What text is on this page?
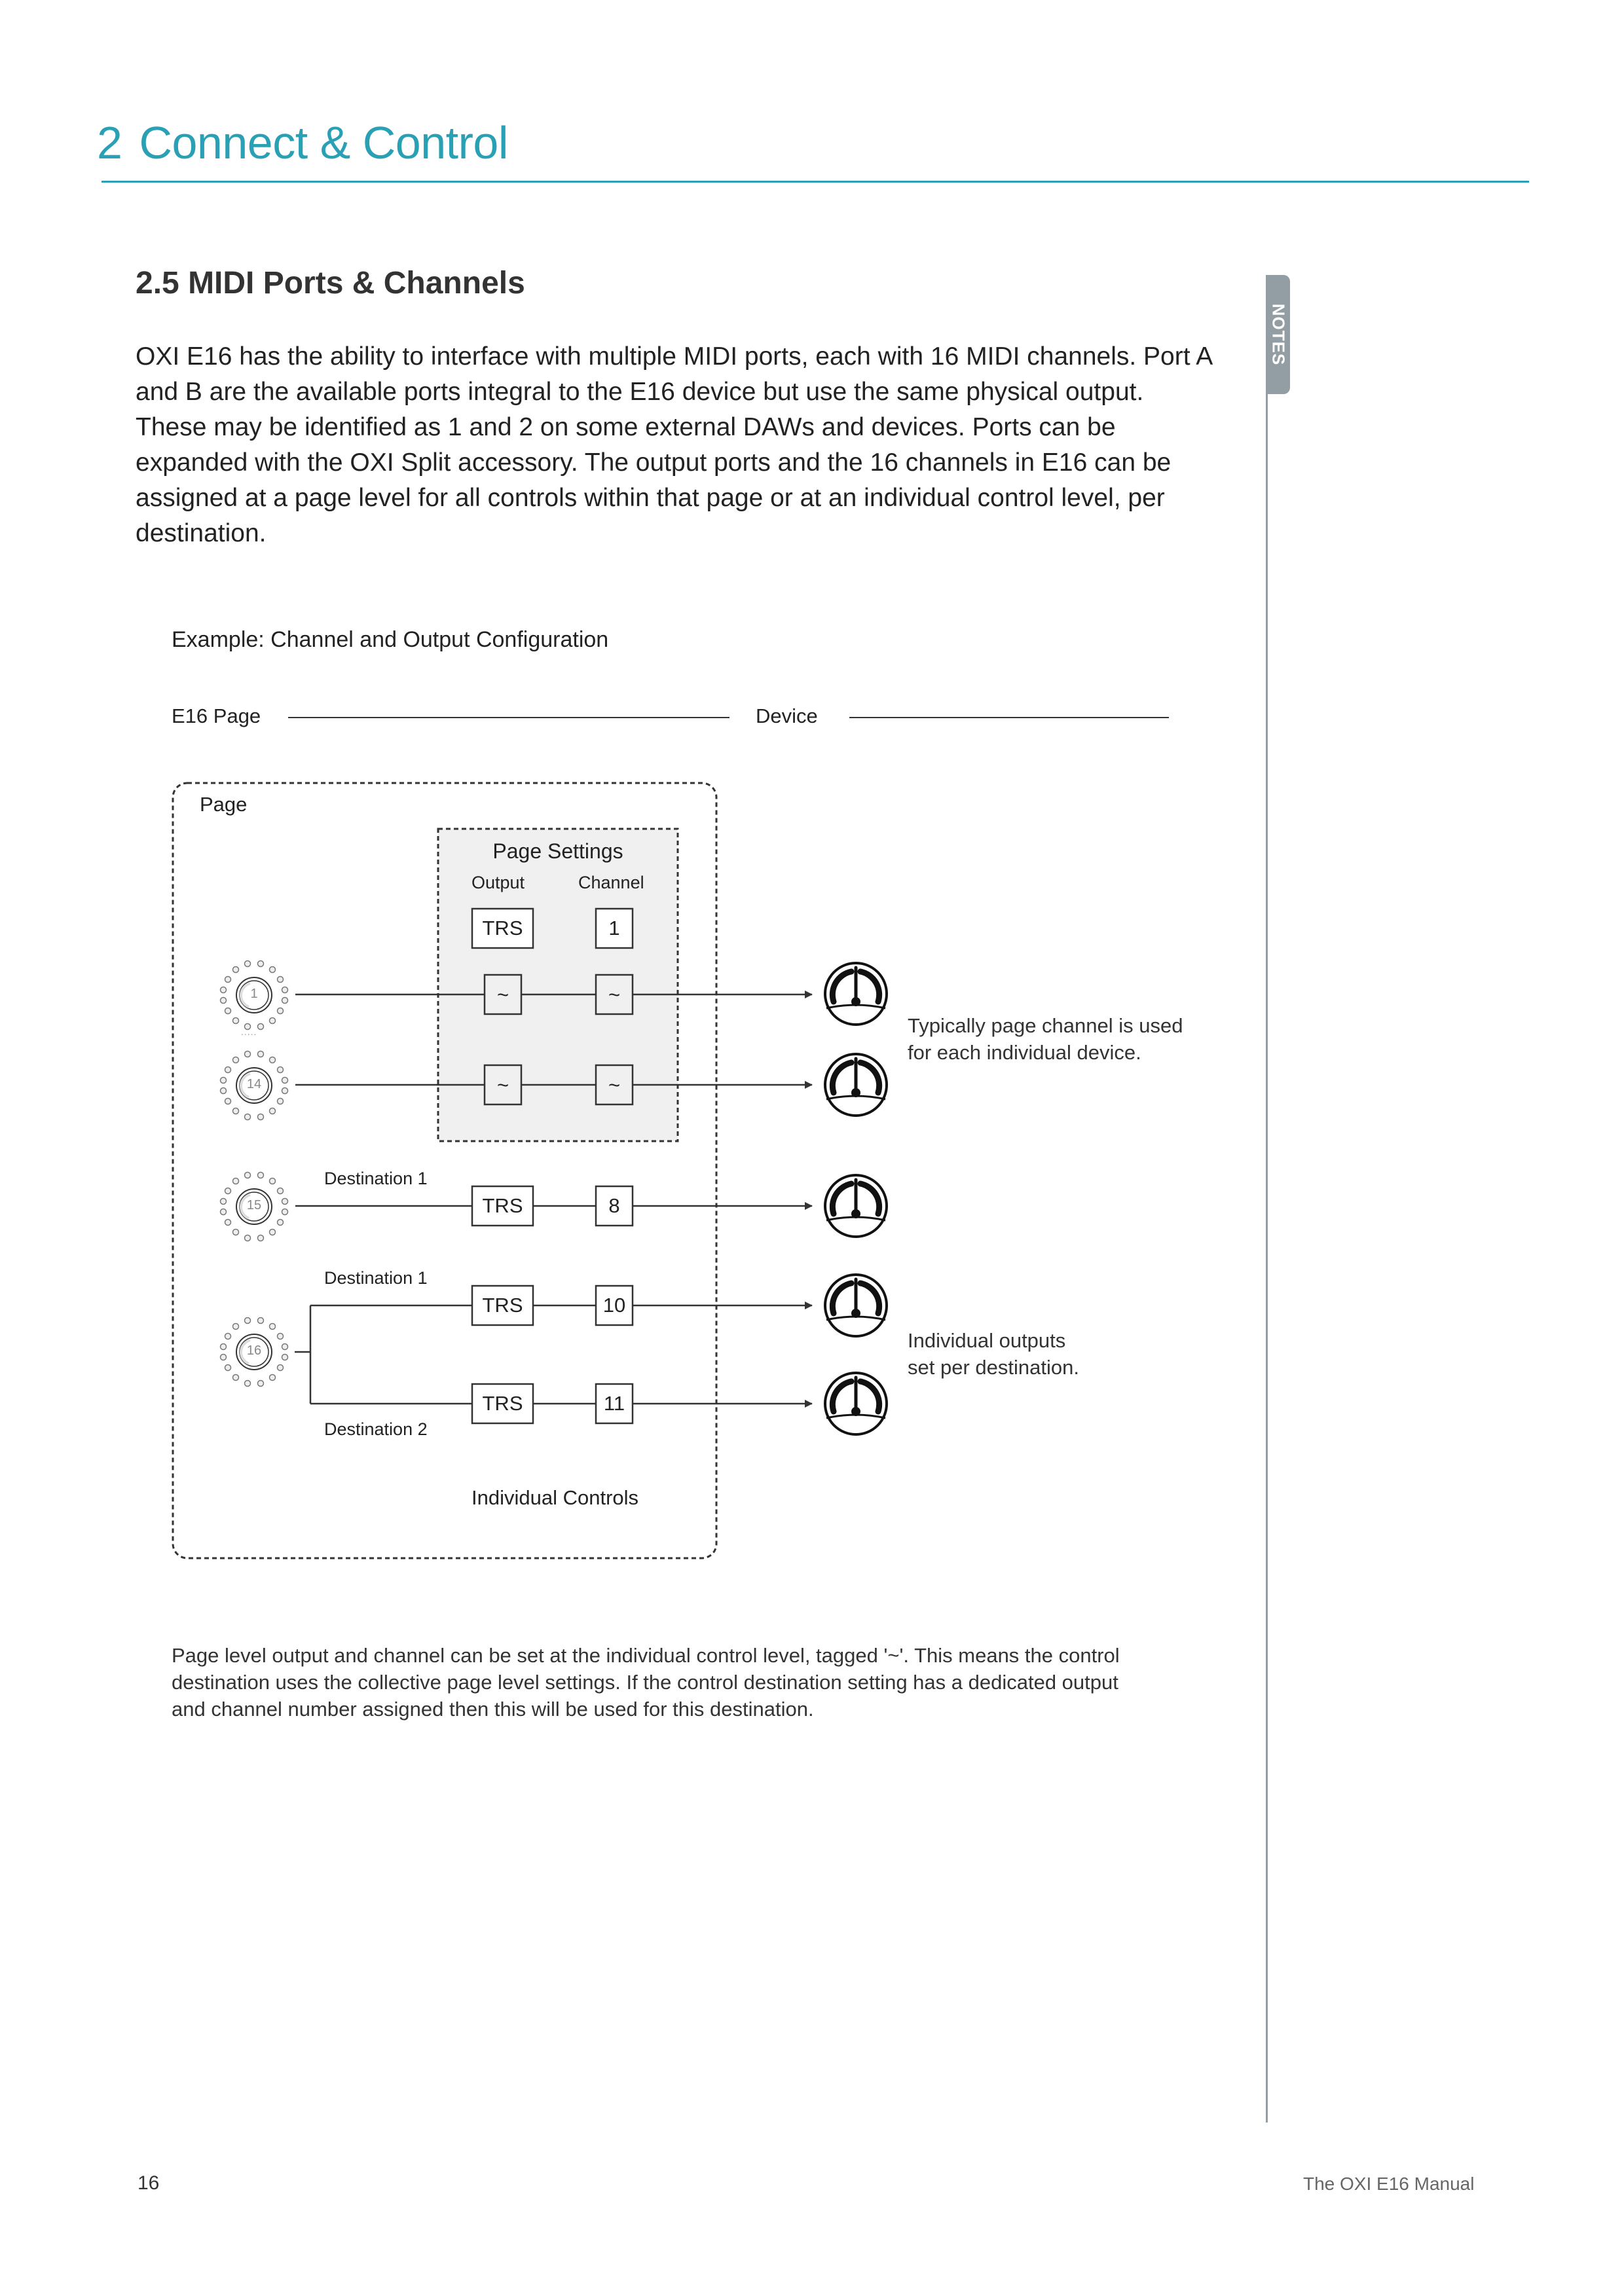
2 Connect & Control
NOTES
2.5 MIDI Ports & Channels
OXI E16 has the ability to interface with multiple MIDI ports, each with 16 MIDI channels. Port A and B are the available ports integral to the E16 device but use the same physical output. These may be identified as 1 and 2 on some external DAWs and devices. Ports can be expanded with the OXI Split accessory. The output ports and the 16 channels in E16 can be assigned at a page level for all controls within that page or at an individual control level, per destination.
Example: Channel and Output Configuration
E16 Page	Device
Page
Page Settings
Output	Channel
TRS	1
1
14
15
16
.....
~	~
~	~
Destination 1
TRS	8
Destination 1
TRS	10
Destination 2
TRS	11
Individual Controls
Typically page channel is used
for each individual device.
Individual outputs
set per destination.
Page level output and channel can be set at the individual control level, tagged '~'. This means the control destination uses the collective page level settings. If the control destination setting has a dedicated output and channel number assigned then this will be used for this destination.
16	The OXI E16 Manual
